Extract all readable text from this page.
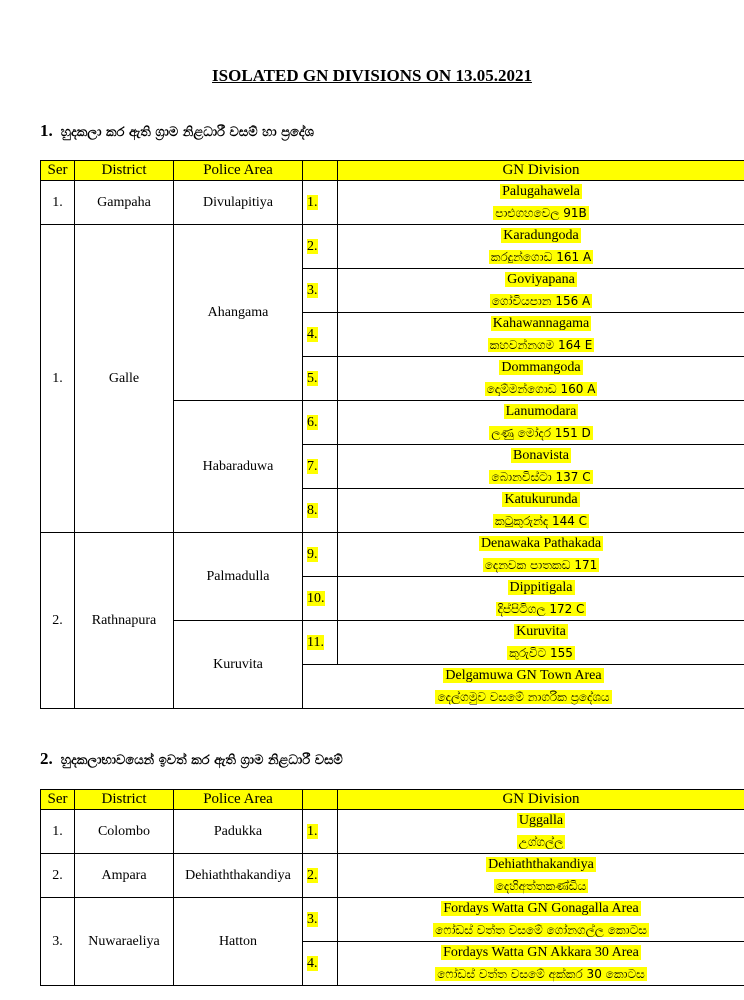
ISOLATED GN DIVISIONS ON 13.05.2021
1. හුදකලා කර ඇති ග්‍රාම නිළධාරී වසම් හා ප්‍රදේශ
Ser	District	Police Area		GN Division
1.	Gampaha	Divulapitiya	1.	Palugahawela
පාළුගහවෙල 91B

1.	Galle	Ahangama	2.	Karadungoda
කරදුන්ගොඩ 161 A

			3.	Goviyapana
ගෝවියපාන 156 A

			4.	Kahawannagama
කහවන්නගම 164 E

			5.	Dommangoda
දොම්මන්ගොඩ 160 A

		Habaraduwa	6.	Lanumodara
ලණු මෝදර 151 D

			7.	Bonavista
බොනවිස්ටා 137 C

			8.	Katukurunda
කටුකුරුන්ද 144 C

2.	Rathnapura	Palmadulla	9.	Denawaka Pathakada
දෙනවක පාතකඩ 171

			10.	Dippitigala
දිප්පිටිගල 172 C

		Kuruvita	11.	Kuruvita
කුරුවිට 155

			Delgamuwa GN Town Area
දෙල්ගමුව වසමේ නාගරික ප්‍රදේශය	
2. හුදකලාභාවයෙන් ඉවත් කර ඇති ග්‍රාම නිළධාරී වසම්
Ser	District	Police Area		GN Division
1.	Colombo	Padukka	1.	Uggalla
උග්ගල්ල

2.	Ampara	Dehiaththakandiya	2.	Dehiaththakandiya
දෙහිඅත්තකණ්ඩිය

3.	Nuwaraeliya	Hatton	3.	Fordays Watta GN Gonagalla Area
ෆෝඩස් වත්ත වසමේ ගෝනගල්ල කොටස

			4.	Fordays Watta GN Akkara 30 Area
ෆෝඩස් වත්ත වසමේ අක්කර 30 කොටස
